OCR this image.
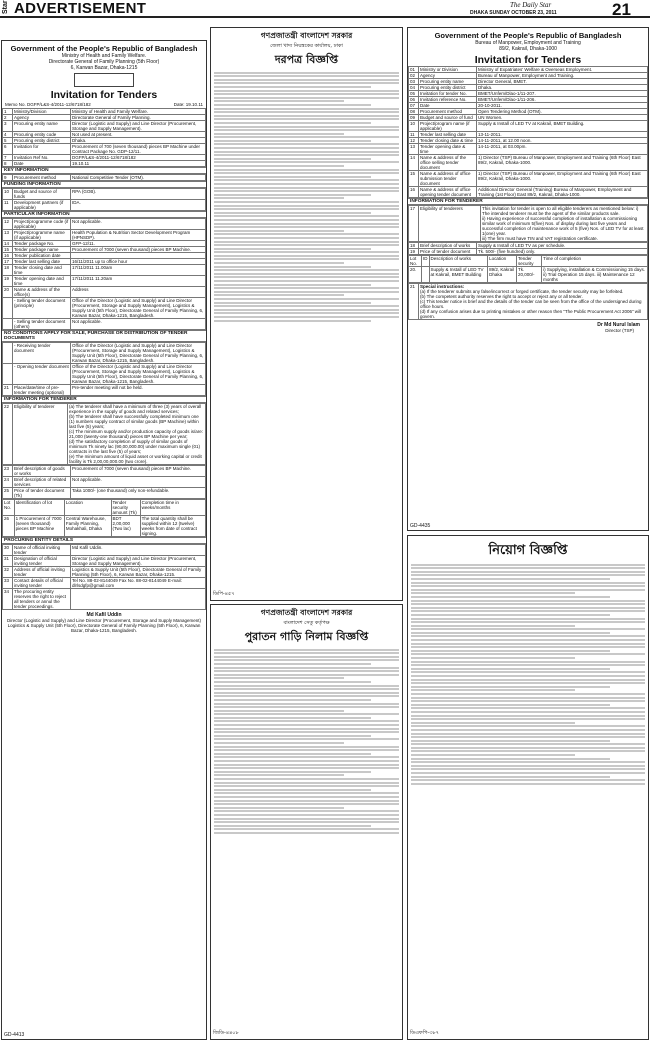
Star ADVERTISEMENT	The Daily Star
DHAKA SUNDAY OCTOBER 23, 2011	21
Government of the People's Republic of Bangladesh
Ministry of Health and Family Welfare.
Directorate General of Family Planning (5th Floor)
6, Karwan Bazar, Dhaka-1215
Invitation for Tenders
Memo No. DGFP/L&S-4/2011-12/6718/182	Date: 19.10.11
1	Ministry/Division	Ministry of Health and Family Welfare.
2	Agency	Directorate General of Family Planning.
3	Procuring entity name	Director (Logistic and Supply) and Line Director (Procurement, Storage and Supply Management).
4	Procuring entity code	Not used at present.
5	Procuring entity district	Dhaka.
6	Invitation for	Procurement of 700 (seven thousand) pieces BP Machine under Contract Package No. GDP-12/11.
7	Invitation Ref No.	DGFP/L&S-4/2011-12/6718/182
8	Date	19.10.11
KEY INFORMATION
9	Procurement method	National Competitive Tender (OTM).
FUNDING INFORMATION
10	Budget and source of funds	RPA (GOB).
11	Development partners (if applicable)	IDA.
PARTICULAR INFORMATION
12	Project/programme code (if applicable)	Not applicable.
13	Project/programme name (if applicable)	Health Population & Nutrition Sector Development Program (HPNSDP).
14	Tender package No.	GFP-12/11.
15	Tender package name	Procurement of 7000 (seven thousand) pieces BP Machine.
16	Tender publication date	
17	Tender last selling date	16/11/2011 up to office hour
18	Tender closing date and time	17/11/2011 11.00am
19	Tender opening date and time	17/11/2011 11.20am
20	Name & address of the office(s)	Address
	- Selling tender document (principle)	Office of the Director (Logistic and Supply) and Line Director (Procurement, Storage and Supply Management), Logistics & Supply Unit (5th Floor), Directorate General of Family Planning, 6, Karwan Bazar, Dhaka-1215, Bangladesh.
	- Selling tender document (others)	Not applicable.
NO CONDITIONS APPLY FOR SALE, PURCHASE OR DISTRIBUTION OF TENDER DOCUMENTS
	- Receiving tender document	Office of the Director (Logistic and Supply) and Line Director (Procurement, Storage and Supply Management), Logistics & Supply Unit (5th Floor), Directorate General of Family Planning, 6, Karwan Bazar, Dhaka-1215, Bangladesh.
	- Opening tender document	Office of the Director (Logistic and Supply) and Line Director (Procurement, Storage and Supply Management), Logistics & Supply Unit (5th Floor), Directorate General of Family Planning, 6, Karwan Bazar, Dhaka-1215, Bangladesh.
21	Place/date/time of pre-tender meeting (optional)	Pre-tender meeting will not be held.
INFORMATION FOR TENDERER
22	Eligibility of tenderer	(a) The tenderer shall have a minimum of three (3) years of overall experience in the supply of goods and related services;
(b) The tenderer shall have successfully completed minimum one (1) numbers supply contract of similar goods (BP Machine) within last five (5) years;
(c) The minimum supply and/or production capacity of goods is/are: 21,000 (twenty-one thousand) pieces BP Machine per year;
(d) The satisfactory completion of supply of similar goods of minimum Tk ninety lac (90,00,000.00) under maximum single (01) contracts in the last five (5) of years;
(e) The minimum amount of liquid asset or working capital or credit facility is Tk 2,00,00,000.00 (two crore).
23	Brief description of goods or works	Procurement of 7000 (seven thousand) pieces BP Machine.
24	Brief description of related services	Not applicable.
25	Price of tender document (Tk)	Taka 1000/- (one thousand) only non-refundable.
Lot No.	Identification of lot	Location	Tender security amount (Tk)	Completion time in weeks/months
26	1 Procurement of 7000 (seven thousand) pieces BP Machine	Central Warehouse, Family Planning, Mohakhali, Dhaka	BDT 2,00,000 (Two lac)	The total quantity shall be supplied within 12 (twelve) weeks from date of contract signing.
PROCURING ENTITY DETAILS
30	Name of official inviting tender	Md Kafil Uddin.
31	Designation of official inviting tender	Director (Logistic and Supply) and Line Director (Procurement, Storage and Supply Management).
32	Address of official inviting tender	Logistics & Supply Unit (5th Floor), Directorate General of Family Planning (5th Floor), 6, Karwan Bazar, Dhaka-1215.
33	Contact details of official inviting tender	Tel No. 88-02-8144049 Fax No. 88-02-8144049 E-mail: dlrlsdgfp@gmail.com
34	The procuring entity reserves the right to reject all tenders or annul the tender proceedings.	
Md Kafil Uddin
Director (Logistic and Supply) and Line Director (Procurement, Storage and Supply Management)
Logistics & Supply Unit (5th Floor), Directorate General of Family Planning (5th Floor), 6, Karwan Bazar, Dhaka-1215, Bangladesh.
GD-4413
গণপ্রজাতন্ত্রী বাংলাদেশ সরকার
জেলা খাদ্য নিয়ন্ত্রকের কার্যালয়, ঢাকা
দরপত্র বিজ্ঞপ্তি
ডিপি-৪৫৭
Government of the People's Republic of Bangladesh
Bureau of Manpower, Employment and Training
89/2, Kakrail, Dhaka-1000
Invitation for Tenders
01	Ministry or Division	Ministry of Expatriates' Welfare & Overseas Employment.
02	Agency	Bureau of Manpower, Employment and Training.
03	Procuring entity name	Director General, BMET.
04	Procuring entity district	Dhaka.
05	Invitation for tender No.	BMET/Unfem/Dlao-1/11-207.
06	Invitation reference No.	BMET/Unfem/Dlao-1/11-206.
07	Date	20-10-2011.
08	Procurement method	Open Tendering Method (OTM).
09	Budget and source of fund	UN Women.
10	Project/program name (if applicable)	Supply & Install of LED TV at Kakrail, BMET Building.
11	Tender last selling date	13-11-2011.
12	Tender closing date & time	14-11-2011, at 12.00 noon.
13	Tender opening date & time	14-11-2011, at 03.00pm.
14	Name & address of the office selling tender document	1) Director (TSP) Bureau of Manpower, Employment and Training (6th Floor) East 89/2, Kakrail, Dhaka-1000.
15	Name & address of office submission tender document	1) Director (TSP) Bureau of Manpower, Employment and Training (6th Floor) East 89/2, Kakrail, Dhaka-1000.
16	Name & address of office opening tender document	Additional Director General (Training) Bureau of Manpower, Employment and Training (1st Floor) East 89/2, Kakrail, Dhaka-1000.
INFORMATION FOR TENDERER
17	Eligibility of tenderers	This invitation for tender is open to all eligible tenderers as mentioned below: i) The intended tenderer must be the agent of the similar products sale.
ii) Having experience of successful completion of installation & commissioning similar work of minimum 5(five) Nos. of display during last five years and successful completion of maintenance work of 5 (five) Nos. of LED TV for at least 1(one) year.
iii) The firm must have TIN and VAT registration certificate.
18	Brief description of works	Supply & Install of LED TV as per schedule.
19	Price of tender document	Tk. 500/- (five hundred) only.
Lot No.	ID	Description of works	Location	Tender security	Time of completion
20.		Supply & Install of LED TV at Kakrail, BMET Building	89/2, Kakrail Dhaka	Tk. 20,000/-	i) Supplying, installation & Commissioning 15 days. ii) Trial Operation 15 days. iii) Maintenance 12 months
21	Special instructions:
(a) If the tenderer submits any false/incorrect or forged certificate, the tender security may be forfeited.
(b) The competent authority reserves the right to accept or reject any or all tender.
(c) This tender notice is brief and the details of the tender can be seen from the office of the undersigned during office hours.
(d) If any confusion arises due to printing mistakes or other reason then "The Public Procurement Act 2006" will govern.
Dr Md Nurul Islam
Director (TSP)
GD-4435
গণপ্রজাতন্ত্রী বাংলাদেশ সরকার
বাংলাদেশ সেতু কর্তৃপক্ষ
পুরাতন গাড়ি নিলাম বিজ্ঞপ্তি
জিডি-৪৪০৮
নিয়োগ বিজ্ঞপ্তি
ডিএফপি-৩৮৭
